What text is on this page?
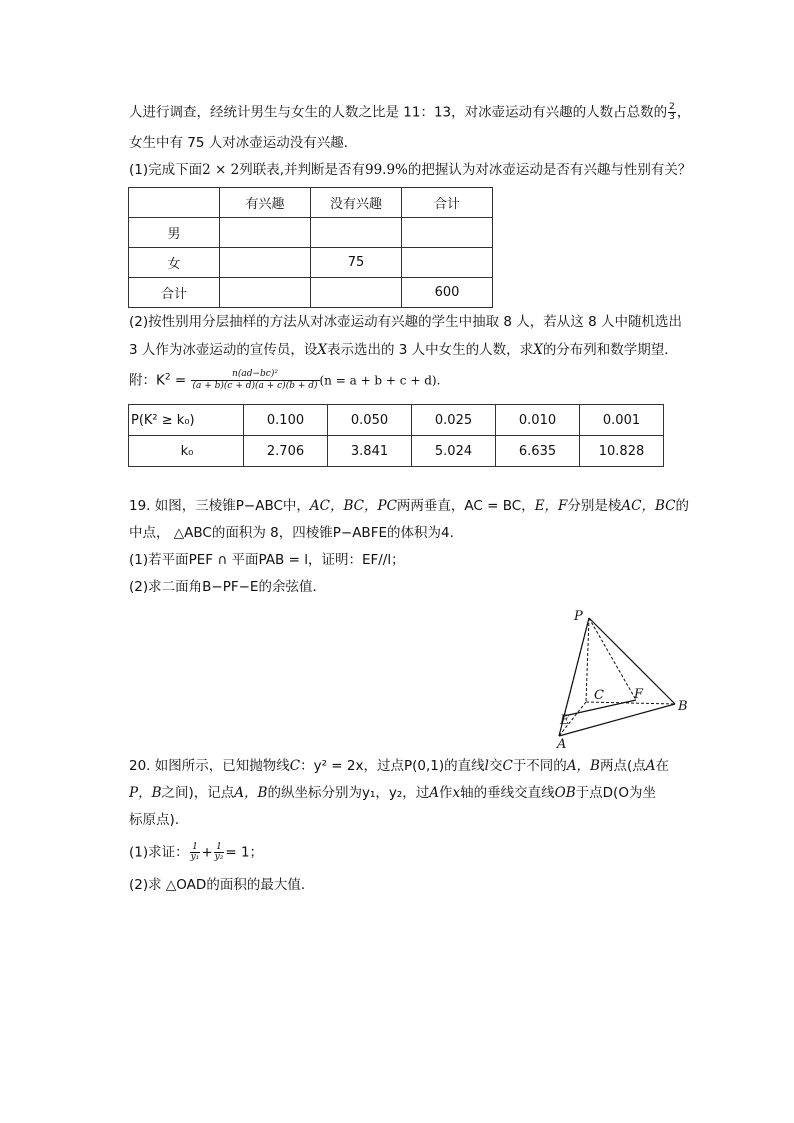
人进行调查，经统计男生与女生的人数之比是 11：13，对冰壶运动有兴趣的人数占总数的 $\frac{2}{3}$ ，
女生中有 75 人对冰壶运动没有兴趣．
(1)完成下面2 × 2列联表,并判断是否有99.9%的把握认为对冰壶运动是否有兴趣与性别有关？
	有兴趣	没有兴趣	合计
男			
女		75	
合计			600
(2)按性别用分层抽样的方法从对冰壶运动有兴趣的学生中抽取 8 人，若从这 8 人中随机选出
3 人作为冰壶运动的宣传员，设X表示选出的 3 人中女生的人数，求X的分布列和数学期望．
附：$K^2 = \frac{\text{n(ad−bc)²}}{(a + b)(c + d)(a + c)(b + d)} (n = a + b + c + d)$.
P(K² ≥ k₀)	0.100	0.050	0.025	0.010	0.001
k₀	2.706	3.841	5.024	6.635	10.828
19. 如图，三棱锥P−ABC中，AC，BC，PC两两垂直，AC = BC，E，F分别是棱AC，BC的
中点， △ABC的面积为 8，四棱锥P−ABFE的体积为4.
(1)若平面PEF ∩ 平面PAB = l，证明：EF//l；
(2)求二面角B−PF−E的余弦值．
P
C F
B
E
A
20. 如图所示，已知抛物线C：y² = 2x，过点P(0,1)的直线l交C于不同的A，B两点(点A在
P，B之间)，记点A，B的纵坐标分别为y₁，y₂，过A作x轴的垂线交直线OB于点D(O为坐
标原点).
(1)求证： $\frac{1}{\text{y₁}} + \frac{1}{\text{y₂}} = 1$；
(2)求 △OAD的面积的最大值．
